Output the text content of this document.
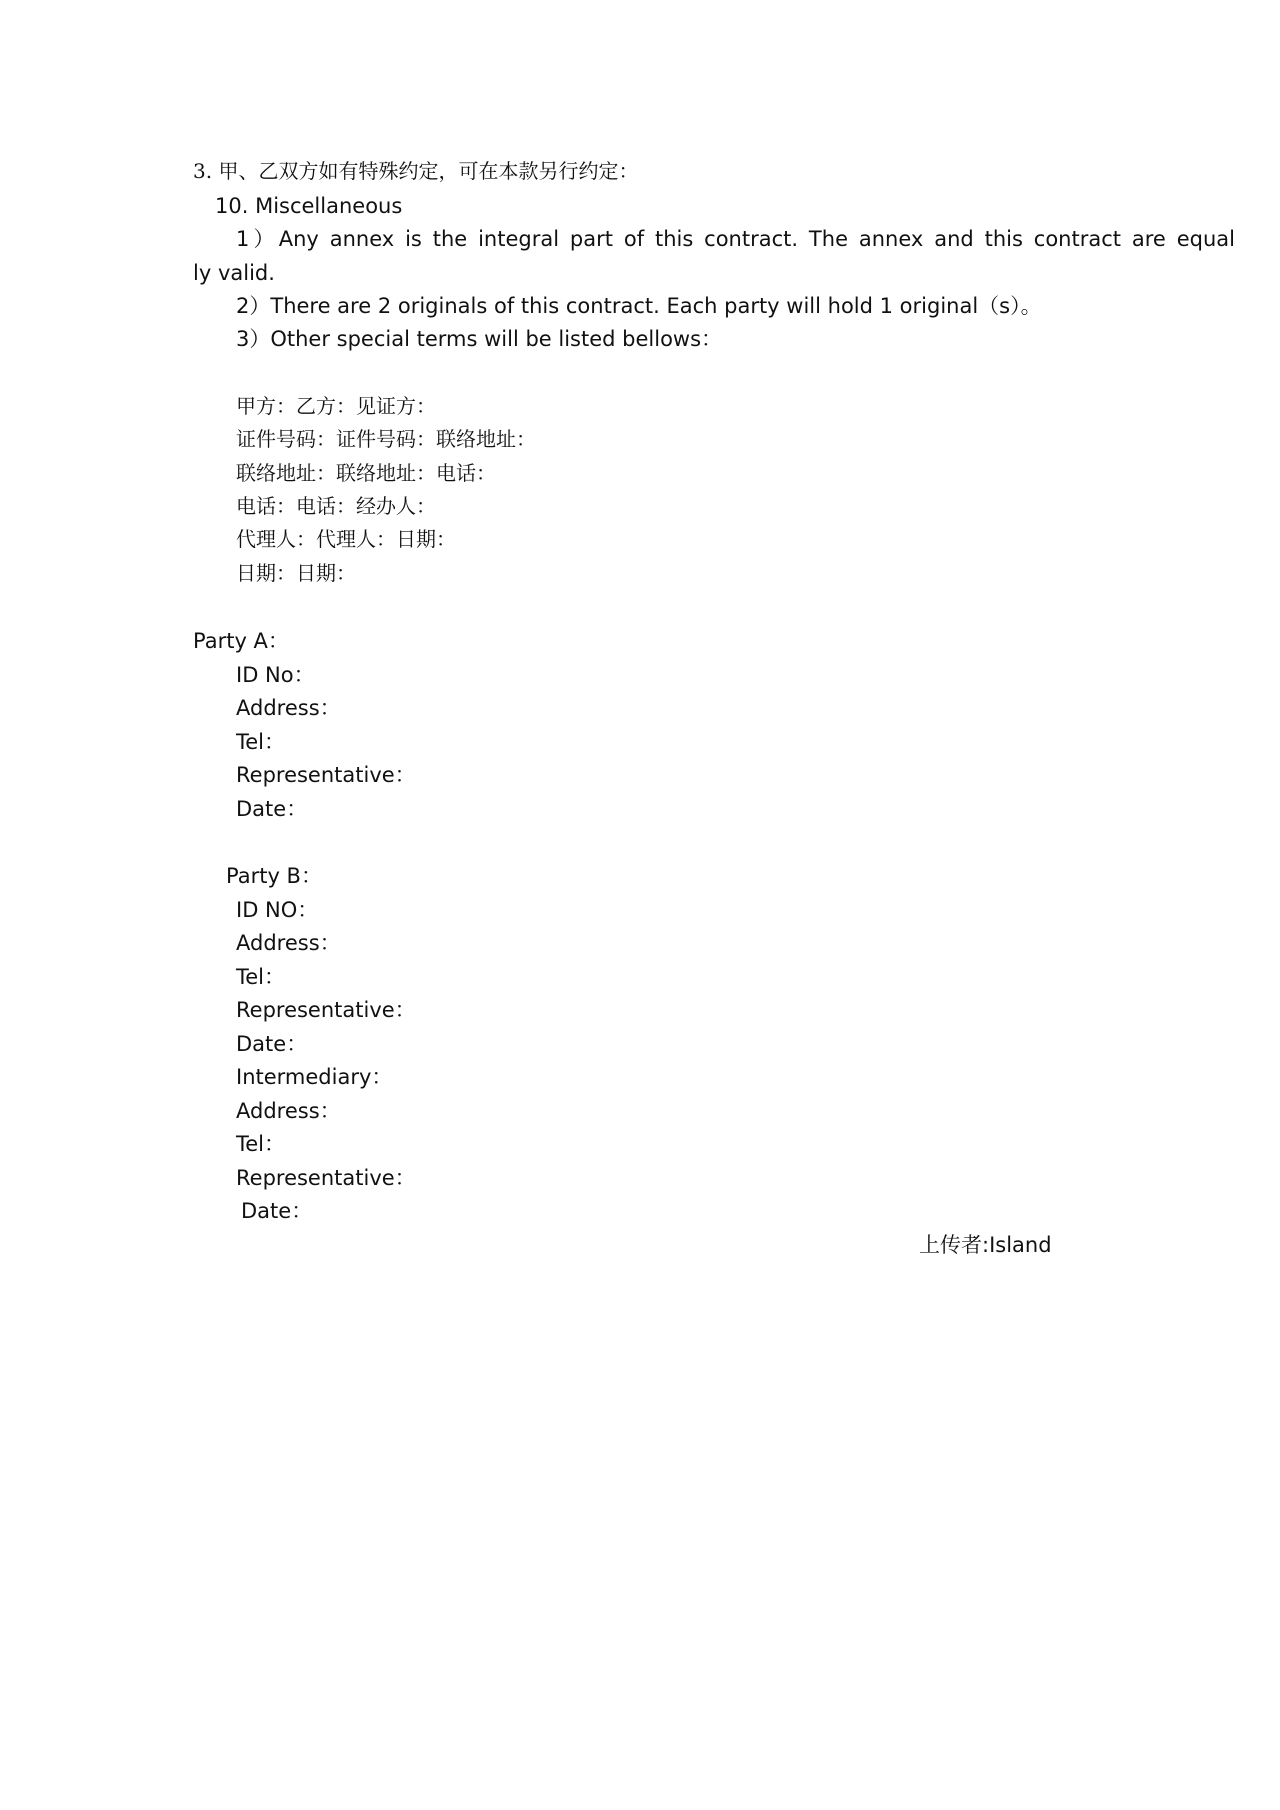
3. 甲、乙双方如有特殊约定，可在本款另行约定：
10. Miscellaneous
1）Any annex is the integral part of this contract. The annex and this contract are equal
ly valid.
2）There are 2 originals of this contract. Each party will hold 1 original（s）。
3）Other special terms will be listed bellows：
甲方：乙方：见证方：
证件号码：证件号码：联络地址：
联络地址：联络地址：电话：
电话：电话：经办人：
代理人：代理人：日期：
日期：日期：
Party A：
ID No：
Address：
Tel：
Representative：
Date：
Party B：
ID NO：
Address：
Tel：
Representative：
Date：
Intermediary：
Address：
Tel：
Representative：
Date：
上传者:Island
